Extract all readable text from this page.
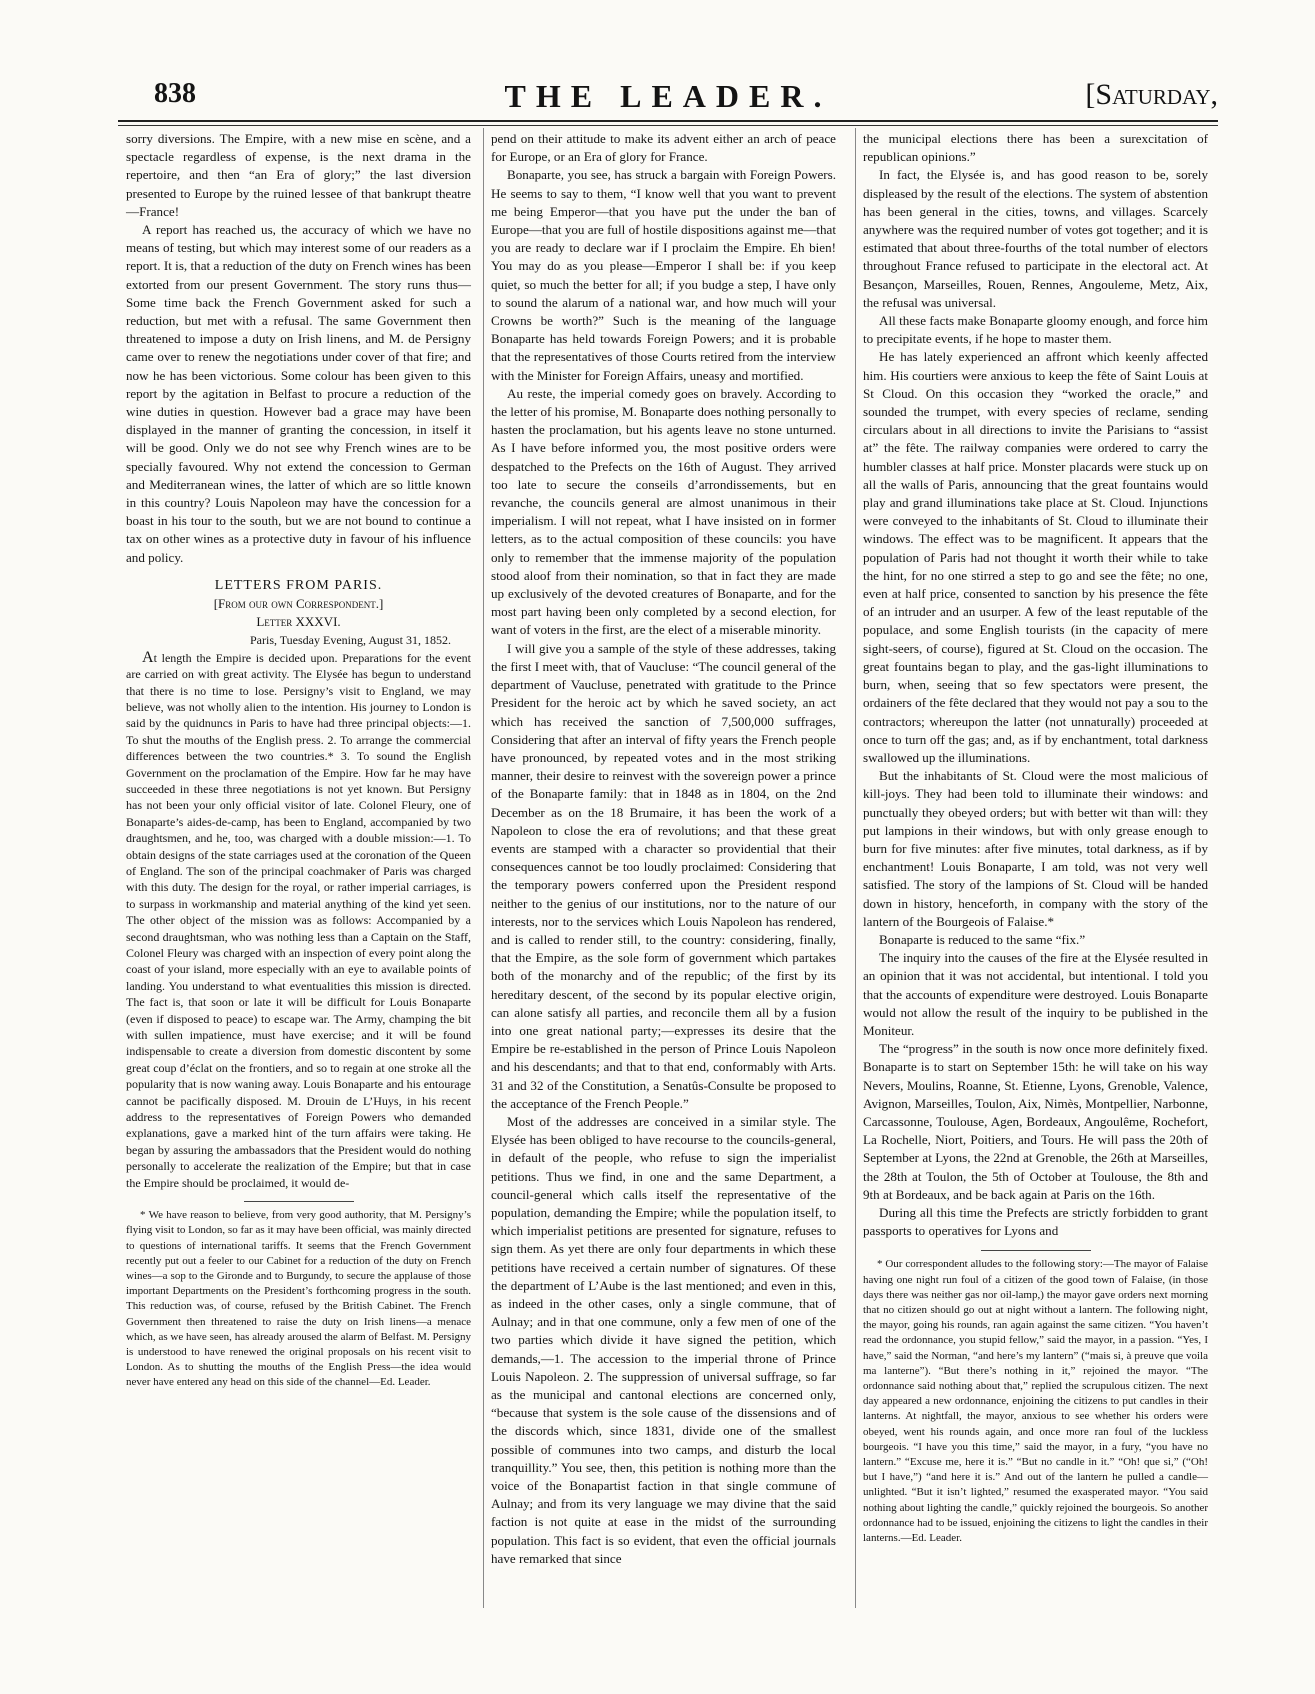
838	THE LEADER.	[Saturday,

sorry diversions. The Empire, with a new mise en scène, and a spectacle regardless of expense, is the next drama in the repertoire, and then “an Era of glory;” the last diversion presented to Europe by the ruined lessee of that bankrupt theatre—France!

A report has reached us, the accuracy of which we have no means of testing, but which may interest some of our readers as a report. It is, that a reduction of the duty on French wines has been extorted from our present Government. The story runs thus—Some time back the French Government asked for such a reduction, but met with a refusal. The same Government then threatened to impose a duty on Irish linens, and M. de Persigny came over to renew the negotiations under cover of that fire; and now he has been victorious. Some colour has been given to this report by the agitation in Belfast to procure a reduction of the wine duties in question. However bad a grace may have been displayed in the manner of granting the concession, in itself it will be good. Only we do not see why French wines are to be specially favoured. Why not extend the concession to German and Mediterranean wines, the latter of which are so little known in this country? Louis Napoleon may have the concession for a boast in his tour to the south, but we are not bound to continue a tax on other wines as a protective duty in favour of his influence and policy.

LETTERS FROM PARIS.
[From our own Correspondent.]
Letter XXXVI.
Paris, Tuesday Evening, August 31, 1852.

At length the Empire is decided upon. Preparations for the event are carried on with great activity. The Elysée has begun to understand that there is no time to lose. Persigny’s visit to England, we may believe, was not wholly alien to the intention. His journey to London is said by the quidnuncs in Paris to have had three principal objects:—1. To shut the mouths of the English press. 2. To arrange the commercial differences between the two countries.* 3. To sound the English Government on the proclamation of the Empire. How far he may have succeeded in these three negotiations is not yet known. But Persigny has not been your only official visitor of late. Colonel Fleury, one of Bonaparte’s aides-de-camp, has been to England, accompanied by two draughtsmen, and he, too, was charged with a double mission:—1. To obtain designs of the state carriages used at the coronation of the Queen of England. The son of the principal coachmaker of Paris was charged with this duty. The design for the royal, or rather imperial carriages, is to surpass in workmanship and material anything of the kind yet seen. The other object of the mission was as follows: Accompanied by a second draughtsman, who was nothing less than a Captain on the Staff, Colonel Fleury was charged with an inspection of every point along the coast of your island, more especially with an eye to available points of landing. You understand to what eventualities this mission is directed. The fact is, that soon or late it will be difficult for Louis Bonaparte (even if disposed to peace) to escape war. The Army, champing the bit with sullen impatience, must have exercise; and it will be found indispensable to create a diversion from domestic discontent by some great coup d’éclat on the frontiers, and so to regain at one stroke all the popularity that is now waning away. Louis Bonaparte and his entourage cannot be pacifically disposed. M. Drouin de L’Huys, in his recent address to the representatives of Foreign Powers who demanded explanations, gave a marked hint of the turn affairs were taking. He began by assuring the ambassadors that the President would do nothing personally to accelerate the realization of the Empire; but that in case the Empire should be proclaimed, it would de-

* We have reason to believe, from very good authority, that M. Persigny’s flying visit to London, so far as it may have been official, was mainly directed to questions of international tariffs. It seems that the French Government recently put out a feeler to our Cabinet for a reduction of the duty on French wines—a sop to the Gironde and to Burgundy, to secure the applause of those important Departments on the President’s forthcoming progress in the south. This reduction was, of course, refused by the British Cabinet. The French Government then threatened to raise the duty on Irish linens—a menace which, as we have seen, has already aroused the alarm of Belfast. M. Persigny is understood to have renewed the original proposals on his recent visit to London. As to shutting the mouths of the English Press—the idea would never have entered any head on this side of the channel—Ed. Leader.

pend on their attitude to make its advent either an arch of peace for Europe, or an Era of glory for France.

Bonaparte, you see, has struck a bargain with Foreign Powers. He seems to say to them, “I know well that you want to prevent me being Emperor—that you have put the under the ban of Europe—that you are full of hostile dispositions against me—that you are ready to declare war if I proclaim the Empire. Eh bien! You may do as you please—Emperor I shall be: if you keep quiet, so much the better for all; if you budge a step, I have only to sound the alarum of a national war, and how much will your Crowns be worth?” Such is the meaning of the language Bonaparte has held towards Foreign Powers; and it is probable that the representatives of those Courts retired from the interview with the Minister for Foreign Affairs, uneasy and mortified.

Au reste, the imperial comedy goes on bravely. According to the letter of his promise, M. Bonaparte does nothing personally to hasten the proclamation, but his agents leave no stone unturned. As I have before informed you, the most positive orders were despatched to the Prefects on the 16th of August. They arrived too late to secure the conseils d’arrondissements, but en revanche, the councils general are almost unanimous in their imperialism. I will not repeat, what I have insisted on in former letters, as to the actual composition of these councils: you have only to remember that the immense majority of the population stood aloof from their nomination, so that in fact they are made up exclusively of the devoted creatures of Bonaparte, and for the most part having been only completed by a second election, for want of voters in the first, are the elect of a miserable minority.

I will give you a sample of the style of these addresses, taking the first I meet with, that of Vaucluse: “The council general of the department of Vaucluse, penetrated with gratitude to the Prince President for the heroic act by which he saved society, an act which has received the sanction of 7,500,000 suffrages, Considering that after an interval of fifty years the French people have pronounced, by repeated votes and in the most striking manner, their desire to reinvest with the sovereign power a prince of the Bonaparte family: that in 1848 as in 1804, on the 2nd December as on the 18 Brumaire, it has been the work of a Napoleon to close the era of revolutions; and that these great events are stamped with a character so providential that their consequences cannot be too loudly proclaimed: Considering that the temporary powers conferred upon the President respond neither to the genius of our institutions, nor to the nature of our interests, nor to the services which Louis Napoleon has rendered, and is called to render still, to the country: considering, finally, that the Empire, as the sole form of government which partakes both of the monarchy and of the republic; of the first by its hereditary descent, of the second by its popular elective origin, can alone satisfy all parties, and reconcile them all by a fusion into one great national party;—expresses its desire that the Empire be re-established in the person of Prince Louis Napoleon and his descendants; and that to that end, conformably with Arts. 31 and 32 of the Constitution, a Senatûs-Consulte be proposed to the acceptance of the French People.”

Most of the addresses are conceived in a similar style. The Elysée has been obliged to have recourse to the councils-general, in default of the people, who refuse to sign the imperialist petitions. Thus we find, in one and the same Department, a council-general which calls itself the representative of the population, demanding the Empire; while the population itself, to which imperialist petitions are presented for signature, refuses to sign them. As yet there are only four departments in which these petitions have received a certain number of signatures. Of these the department of L’Aube is the last mentioned; and even in this, as indeed in the other cases, only a single commune, that of Aulnay; and in that one commune, only a few men of one of the two parties which divide it have signed the petition, which demands,—1. The accession to the imperial throne of Prince Louis Napoleon. 2. The suppression of universal suffrage, so far as the municipal and cantonal elections are concerned only, “because that system is the sole cause of the dissensions and of the discords which, since 1831, divide one of the smallest possible of communes into two camps, and disturb the local tranquillity.” You see, then, this petition is nothing more than the voice of the Bonapartist faction in that single commune of Aulnay; and from its very language we may divine that the said faction is not quite at ease in the midst of the surrounding population. This fact is so evident, that even the official journals have remarked that since

the municipal elections there has been a surexcitation of republican opinions.”

In fact, the Elysée is, and has good reason to be, sorely displeased by the result of the elections. The system of abstention has been general in the cities, towns, and villages. Scarcely anywhere was the required number of votes got together; and it is estimated that about three-fourths of the total number of electors throughout France refused to participate in the electoral act. At Besançon, Marseilles, Rouen, Rennes, Angouleme, Metz, Aix, the refusal was universal.

All these facts make Bonaparte gloomy enough, and force him to precipitate events, if he hope to master them.

He has lately experienced an affront which keenly affected him. His courtiers were anxious to keep the fête of Saint Louis at St Cloud. On this occasion they “worked the oracle,” and sounded the trumpet, with every species of reclame, sending circulars about in all directions to invite the Parisians to “assist at” the fête. The railway companies were ordered to carry the humbler classes at half price. Monster placards were stuck up on all the walls of Paris, announcing that the great fountains would play and grand illuminations take place at St. Cloud. Injunctions were conveyed to the inhabitants of St. Cloud to illuminate their windows. The effect was to be magnificent. It appears that the population of Paris had not thought it worth their while to take the hint, for no one stirred a step to go and see the fête; no one, even at half price, consented to sanction by his presence the fête of an intruder and an usurper. A few of the least reputable of the populace, and some English tourists (in the capacity of mere sight-seers, of course), figured at St. Cloud on the occasion. The great fountains began to play, and the gas-light illuminations to burn, when, seeing that so few spectators were present, the ordainers of the fête declared that they would not pay a sou to the contractors; whereupon the latter (not unnaturally) proceeded at once to turn off the gas; and, as if by enchantment, total darkness swallowed up the illuminations.

But the inhabitants of St. Cloud were the most malicious of kill-joys. They had been told to illuminate their windows: and punctually they obeyed orders; but with better wit than will: they put lampions in their windows, but with only grease enough to burn for five minutes: after five minutes, total darkness, as if by enchantment! Louis Bonaparte, I am told, was not very well satisfied. The story of the lampions of St. Cloud will be handed down in history, henceforth, in company with the story of the lantern of the Bourgeois of Falaise.*

Bonaparte is reduced to the same “fix.”

The inquiry into the causes of the fire at the Elysée resulted in an opinion that it was not accidental, but intentional. I told you that the accounts of expenditure were destroyed. Louis Bonaparte would not allow the result of the inquiry to be published in the Moniteur.

The “progress” in the south is now once more definitely fixed. Bonaparte is to start on September 15th: he will take on his way Nevers, Moulins, Roanne, St. Etienne, Lyons, Grenoble, Valence, Avignon, Marseilles, Toulon, Aix, Nimès, Montpellier, Narbonne, Carcassonne, Toulouse, Agen, Bordeaux, Angoulême, Rochefort, La Rochelle, Niort, Poitiers, and Tours. He will pass the 20th of September at Lyons, the 22nd at Grenoble, the 26th at Marseilles, the 28th at Toulon, the 5th of October at Toulouse, the 8th and 9th at Bordeaux, and be back again at Paris on the 16th.

During all this time the Prefects are strictly forbidden to grant passports to operatives for Lyons and

* Our correspondent alludes to the following story:—The mayor of Falaise having one night run foul of a citizen of the good town of Falaise, (in those days there was neither gas nor oil-lamp,) the mayor gave orders next morning that no citizen should go out at night without a lantern. The following night, the mayor, going his rounds, ran again against the same citizen. “You haven’t read the ordonnance, you stupid fellow,” said the mayor, in a passion. “Yes, I have,” said the Norman, “and here’s my lantern” (“mais si, à preuve que voila ma lanterne”). “But there’s nothing in it,” rejoined the mayor. “The ordonnance said nothing about that,” replied the scrupulous citizen. The next day appeared a new ordonnance, enjoining the citizens to put candles in their lanterns. At nightfall, the mayor, anxious to see whether his orders were obeyed, went his rounds again, and once more ran foul of the luckless bourgeois. “I have you this time,” said the mayor, in a fury, “you have no lantern.” “Excuse me, here it is.” “But no candle in it.” “Oh! que si,” (“Oh! but I have,”) “and here it is.” And out of the lantern he pulled a candle—unlighted. “But it isn’t lighted,” resumed the exasperated mayor. “You said nothing about lighting the candle,” quickly rejoined the bourgeois. So another ordonnance had to be issued, enjoining the citizens to light the candles in their lanterns.—Ed. Leader.
